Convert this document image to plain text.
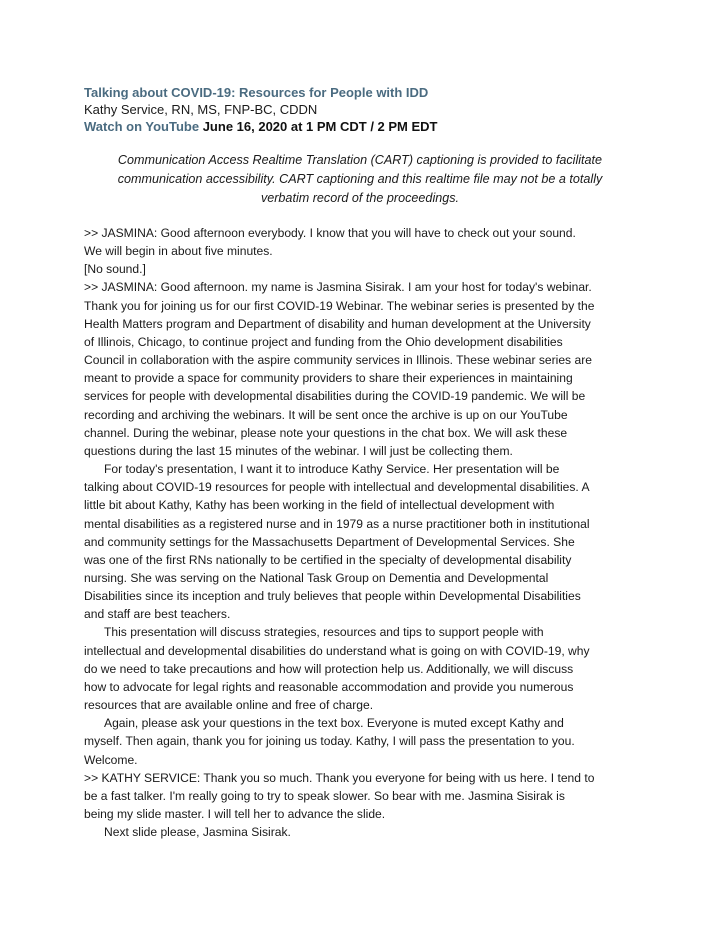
Talking about COVID-19: Resources for People with IDD
Kathy Service, RN, MS, FNP-BC, CDDN
Watch on YouTube June 16, 2020 at 1 PM CDT / 2 PM EDT
Communication Access Realtime Translation (CART) captioning is provided to facilitate
communication accessibility. CART captioning and this realtime file may not be a totally
verbatim record of the proceedings.

>> JASMINA: Good afternoon everybody. I know that you will have to check out your sound.

We will begin in about five minutes.

[No sound.]

>> JASMINA: Good afternoon. my name is Jasmina Sisirak. I am your host for today's webinar.

Thank you for joining us for our first COVID-19 Webinar. The webinar series is presented by the

Health Matters program and Department of disability and human development at the University

of Illinois, Chicago, to continue project and funding from the Ohio development disabilities

Council in collaboration with the aspire community services in Illinois. These webinar series are

meant to provide a space for community providers to share their experiences in maintaining

services for people with developmental disabilities during the COVID-19 pandemic. We will be

recording and archiving the webinars. It will be sent once the archive is up on our YouTube

channel. During the webinar, please note your questions in the chat box. We will ask these

questions during the last 15 minutes of the webinar. I will just be collecting them.

For today's presentation, I want it to introduce Kathy Service. Her presentation will be

talking about COVID-19 resources for people with intellectual and developmental disabilities. A

little bit about Kathy, Kathy has been working in the field of intellectual development with

mental disabilities as a registered nurse and in 1979 as a nurse practitioner both in institutional

and community settings for the Massachusetts Department of Developmental Services. She

was one of the first RNs nationally to be certified in the specialty of developmental disability

nursing. She was serving on the National Task Group on Dementia and Developmental

Disabilities since its inception and truly believes that people within Developmental Disabilities

and staff are best teachers.

This presentation will discuss strategies, resources and tips to support people with

intellectual and developmental disabilities do understand what is going on with COVID-19, why

do we need to take precautions and how will protection help us. Additionally, we will discuss

how to advocate for legal rights and reasonable accommodation and provide you numerous

resources that are available online and free of charge.

Again, please ask your questions in the text box. Everyone is muted except Kathy and

myself. Then again, thank you for joining us today. Kathy, I will pass the presentation to you.

Welcome.

>> KATHY SERVICE: Thank you so much. Thank you everyone for being with us here. I tend to

be a fast talker. I'm really going to try to speak slower. So bear with me. Jasmina Sisirak is

being my slide master. I will tell her to advance the slide.

Next slide please, Jasmina Sisirak.
